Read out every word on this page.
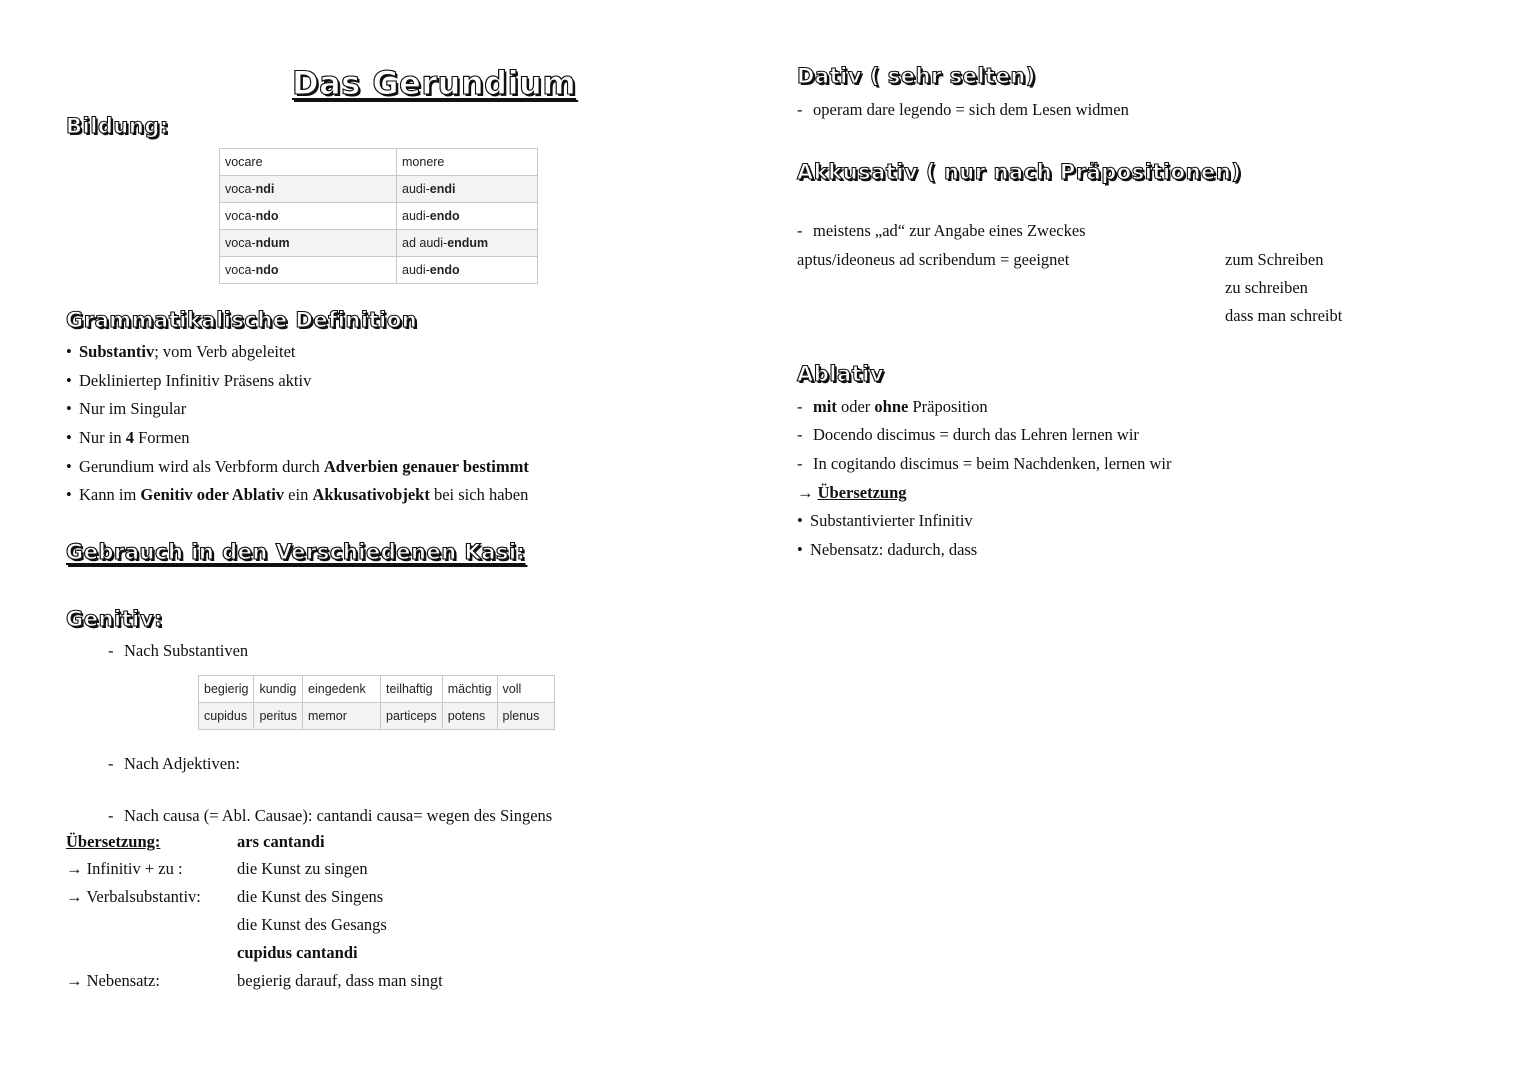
Das Gerundium
Bildung:
vocare	monere
voca-ndi	audi-endi
voca-ndo	audi-endo
voca-ndum	ad audi-endum
voca-ndo	audi-endo
Grammatikalische Definition
• Substantiv; vom Verb abgeleitet
• Dekliniertер Infinitiv Präsens aktiv
• Nur im Singular
• Nur in 4 Formen
• Gerundium wird als Verbform durch Adverbien genauer bestimmt
• Kann im Genitiv oder Ablativ ein Akkusativobjekt bei sich haben
Gebrauch in den Verschiedenen Kasi:
Genitiv:
- Nach Substantiven
begierig	kundig	eingedenk	teilhaftig	mächtig	voll
cupidus	peritus	memor	particeps	potens	plenus
- Nach Adjektiven:
- Nach causa (= Abl. Causae): cantandi causa= wegen des Singens
Übersetzung:	ars cantandi
→ Infinitiv + zu :	die Kunst zu singen
→ Verbalsubstantiv: die Kunst des Singens
die Kunst des Gesangs
cupidus cantandi
→ Nebensatz:	begierig darauf, dass man singt
Dativ ( sehr selten)
- operam dare legendo = sich dem Lesen widmen
Akkusativ ( nur nach Präpositionen)
- meistens „ad“ zur Angabe eines Zweckes
aptus/ideoneus ad scribendum = geeignet	zum Schreiben
zu schreiben
dass man schreibt
Ablativ
- mit oder ohne Präposition
- Docendo discimus = durch das Lehren lernen wir
- In cogitando discimus = beim Nachdenken, lernen wir
→ Übersetzung
• Substantivierter Infinitiv
• Nebensatz: dadurch, dass
